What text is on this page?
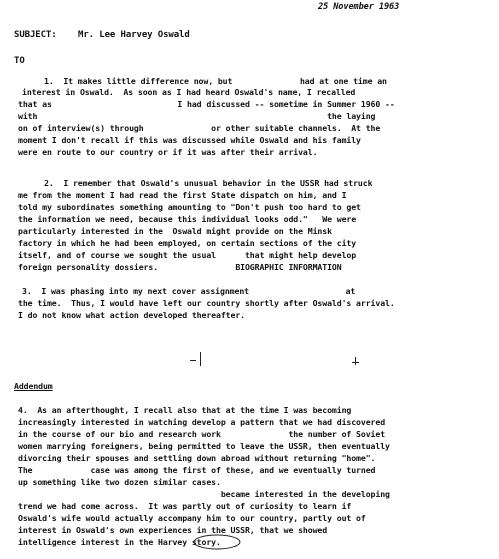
25 November 1963
SUBJECT: Mr. Lee Harvey Oswald
TO
1.  It makes little difference now, but              had at one time an
interest in Oswald.  As soon as I had heard Oswald's name, I recalled
that as                          I had discussed -- sometime in Summer 1960 --
with                                                            the laying
on of interview(s) through              or other suitable channels.  At the
moment I don't recall if this was discussed while Oswald and his family
were en route to our country or if it was after their arrival.
2.  I remember that Oswald's unusual behavior in the USSR had struck
me from the moment I had read the first State dispatch on him, and I
told my subordinates something amounting to "Don't push too hard to get
the information we need, because this individual looks odd."   We were
particularly interested in the  Oswald might provide on the Minsk
factory in which he had been employed, on certain sections of the city
itself, and of course we sought the usual      that might help develop
foreign personality dossiers.                BIOGRAPHIC INFORMATION
3.  I was phasing into my next cover assignment                    at
the time.  Thus, I would have left our country shortly after Oswald's arrival.
I do not know what action developed thereafter.
Addendum
4.  As an afterthought, I recall also that at the time I was becoming
increasingly interested in watching develop a pattern that we had discovered
in the course of our bio and research work              the number of Soviet
women marrying foreigners, being permitted to leave the USSR, then eventually
divorcing their spouses and settling down abroad without returning "home".
The            case was among the first of these, and we eventually turned
up something like two dozen similar cases.
became interested in the developing
trend we had come across.  It was partly out of curiosity to learn if
Oswald's wife would actually accompany him to our country, partly out of
interest in Oswald's own experiences in the USSR, that we showed
intelligence interest in the Harvey story.
